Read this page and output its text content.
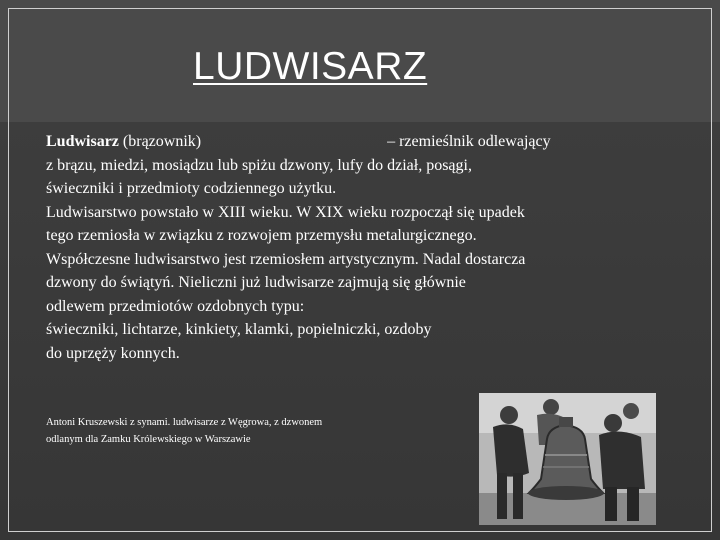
LUDWISARZ

Ludwisarz (brązownik)	– rzemieślnik odlewający
z brązu, miedzi, mosiądzu lub spiżu dzwony, lufy do dział, posągi,
świeczniki i przedmioty codziennego użytku.

Ludwisarstwo powstało w XIII wieku. W XIX wieku rozpoczął się upadek
tego rzemiosła w związku z rozwojem przemysłu metalurgicznego.

Współczesne ludwisarstwo jest rzemiosłem artystycznym. Nadal dostarcza
dzwony do świątyń. Nieliczni już ludwisarze zajmują się głównie
odlewem przedmiotów ozdobnych typu:
świeczniki, lichtarze, kinkiety, klamki, popielniczki, ozdoby
do uprzęży konnych.

Antoni Kruszewski z synami. ludwisarze z Węgrowa, z dzwonem
odlanym dla Zamku Królewskiego w Warszawie
